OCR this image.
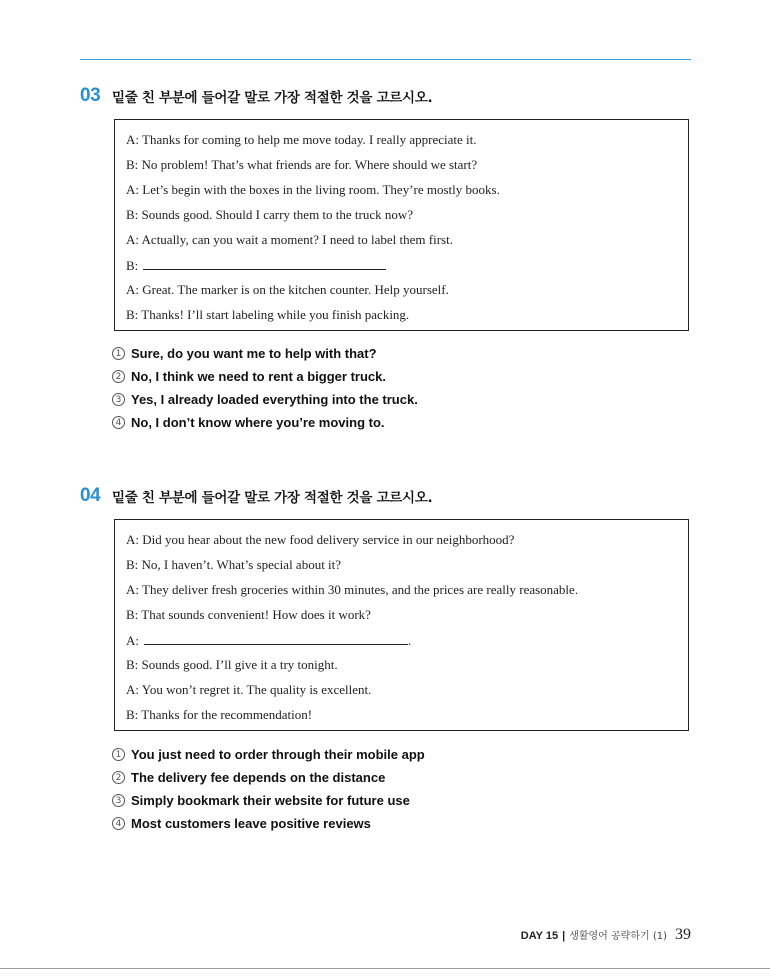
03 밑줄 친 부분에 들어갈 말로 가장 적절한 것을 고르시오.
A: Thanks for coming to help me move today. I really appreciate it.
B: No problem! That’s what friends are for. Where should we start?
A: Let’s begin with the boxes in the living room. They’re mostly books.
B: Sounds good. Should I carry them to the truck now?
A: Actually, can you wait a moment? I need to label them first.
B:
A: Great. The marker is on the kitchen counter. Help yourself.
B: Thanks! I’ll start labeling while you finish packing.
1 Sure, do you want me to help with that?
2 No, I think we need to rent a bigger truck.
3 Yes, I already loaded everything into the truck.
4 No, I don’t know where you’re moving to.
04 밑줄 친 부분에 들어갈 말로 가장 적절한 것을 고르시오.
A: Did you hear about the new food delivery service in our neighborhood?
B: No, I haven’t. What’s special about it?
A: They deliver fresh groceries within 30 minutes, and the prices are really reasonable.
B: That sounds convenient! How does it work?
A:	.
B: Sounds good. I’ll give it a try tonight.
A: You won’t regret it. The quality is excellent.
B: Thanks for the recommendation!
1 You just need to order through their mobile app
2 The delivery fee depends on the distance
3 Simply bookmark their website for future use
4 Most customers leave positive reviews
DAY 15 | 생활영어 공략하기 (1) 39
